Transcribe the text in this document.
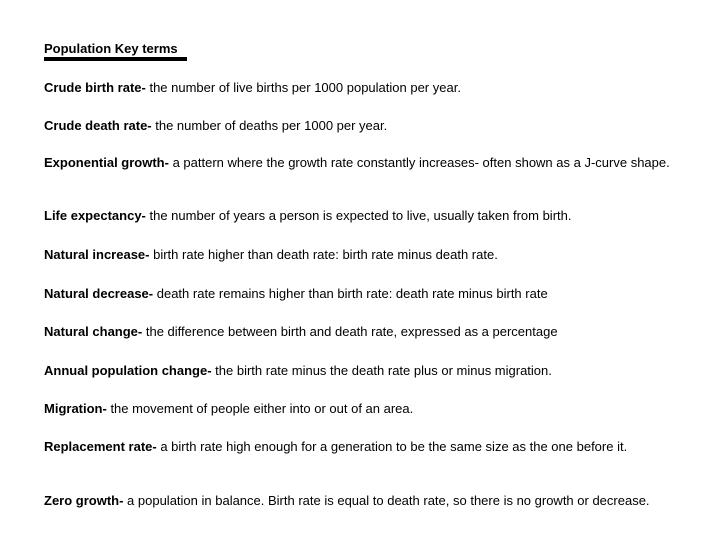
Population Key terms
Crude birth rate- the number of live births per 1000 population per year.
Crude death rate- the number of deaths per 1000 per year.
Exponential growth- a pattern where the growth rate constantly increases- often shown as a J-curve shape.
Life expectancy- the number of years a person is expected to live, usually taken from birth.
Natural increase- birth rate higher than death rate: birth rate minus death rate.
Natural decrease- death rate remains higher than birth rate: death rate minus birth rate
Natural change- the difference between birth and death rate, expressed as a percentage
Annual population change- the birth rate minus the death rate plus or minus migration.
Migration- the movement of people either into or out of an area.
Replacement rate- a birth rate high enough for a generation to be the same size as the one before it.
Zero growth- a population in balance. Birth rate is equal to death rate, so there is no growth or decrease.
